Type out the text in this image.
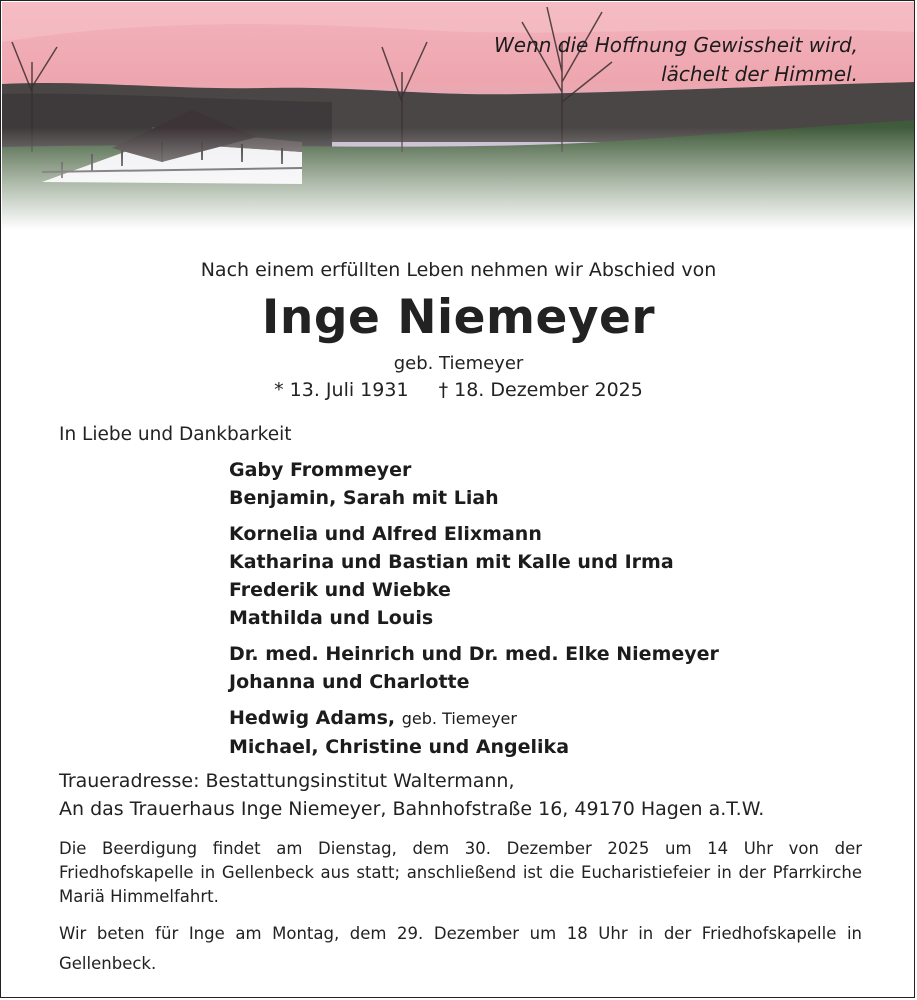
Wenn die Hoffnung Gewissheit wird,
lächelt der Himmel.
Nach einem erfüllten Leben nehmen wir Abschied von
Inge Niemeyer
geb. Tiemeyer
* 13. Juli 1931 † 18. Dezember 2025
In Liebe und Dankbarkeit
Gaby Frommeyer
Benjamin, Sarah mit Liah
Kornelia und Alfred Elixmann
Katharina und Bastian mit Kalle und Irma
Frederik und Wiebke
Mathilda und Louis
Dr. med. Heinrich und Dr. med. Elke Niemeyer
Johanna und Charlotte
Hedwig Adams, geb. Tiemeyer
Michael, Christine und Angelika
Traueradresse: Bestattungsinstitut Waltermann,
An das Trauerhaus Inge Niemeyer, Bahnhofstraße 16, 49170 Hagen a.T.W.

Die Beerdigung findet am Dienstag, dem 30. Dezember 2025 um 14 Uhr von der Friedhofskapelle in Gellenbeck aus statt; anschließend ist die Eucharistiefeier in der Pfarrkirche Mariä Himmelfahrt.

Wir beten für Inge am Montag, dem 29. Dezember um 18 Uhr in der Friedhofskapelle in Gellenbeck.
